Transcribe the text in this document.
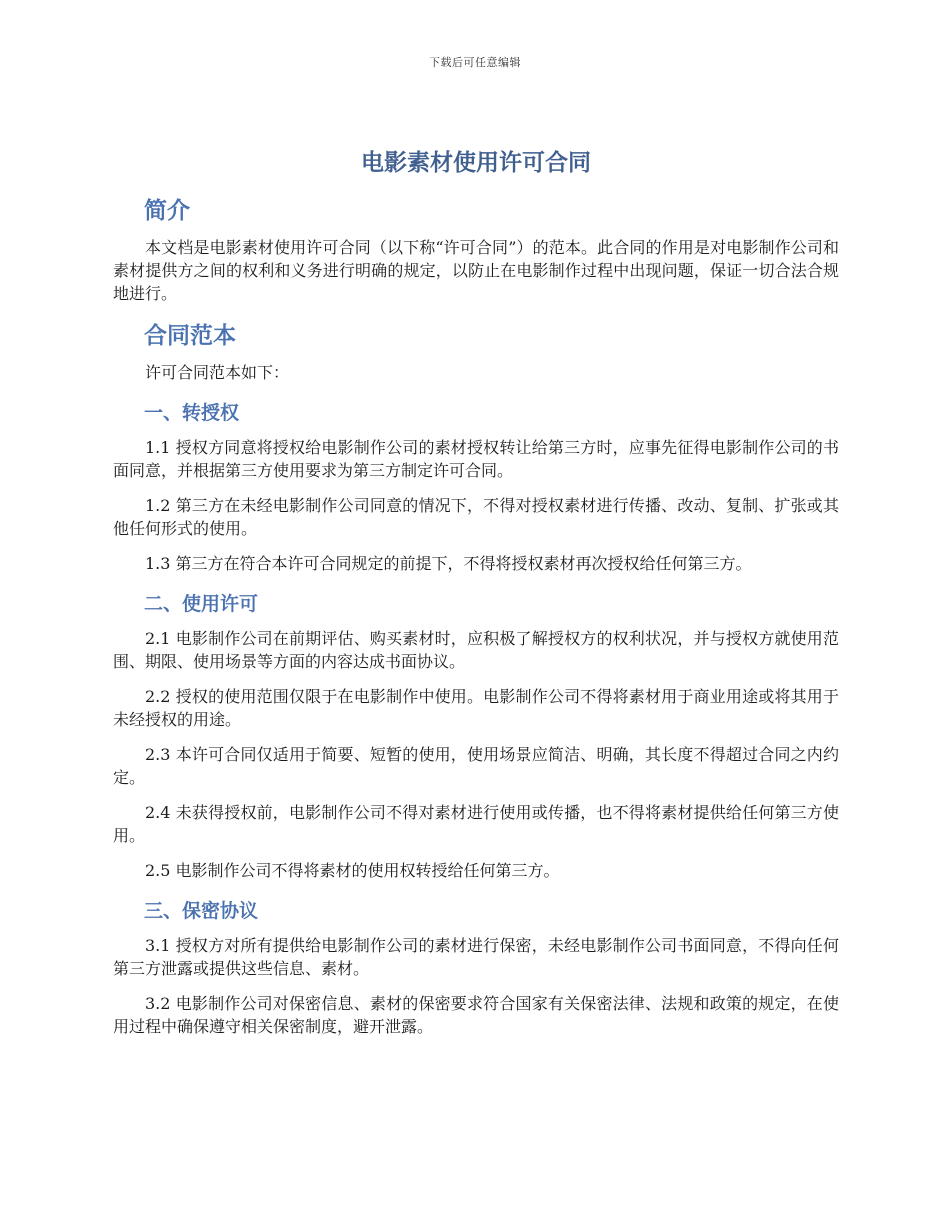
下载后可任意编辑
电影素材使用许可合同
简介

本文档是电影素材使用许可合同（以下称“许可合同”）的范本。此合同的作用是对电影制作公司和素材提供方之间的权利和义务进行明确的规定，以防止在电影制作过程中出现问题，保证一切合法合规地进行。

合同范本

许可合同范本如下：

一、转授权

1.1 授权方同意将授权给电影制作公司的素材授权转让给第三方时，应事先征得电影制作公司的书面同意，并根据第三方使用要求为第三方制定许可合同。

1.2 第三方在未经电影制作公司同意的情况下，不得对授权素材进行传播、改动、复制、扩张或其他任何形式的使用。

1.3 第三方在符合本许可合同规定的前提下，不得将授权素材再次授权给任何第三方。

二、使用许可

2.1 电影制作公司在前期评估、购买素材时，应积极了解授权方的权利状况，并与授权方就使用范围、期限、使用场景等方面的内容达成书面协议。

2.2 授权的使用范围仅限于在电影制作中使用。电影制作公司不得将素材用于商业用途或将其用于未经授权的用途。

2.3 本许可合同仅适用于简要、短暂的使用，使用场景应简洁、明确，其长度不得超过合同之内约定。

2.4 未获得授权前，电影制作公司不得对素材进行使用或传播，也不得将素材提供给任何第三方使用。

2.5 电影制作公司不得将素材的使用权转授给任何第三方。

三、保密协议

3.1 授权方对所有提供给电影制作公司的素材进行保密，未经电影制作公司书面同意，不得向任何第三方泄露或提供这些信息、素材。

3.2 电影制作公司对保密信息、素材的保密要求符合国家有关保密法律、法规和政策的规定，在使用过程中确保遵守相关保密制度，避开泄露。
